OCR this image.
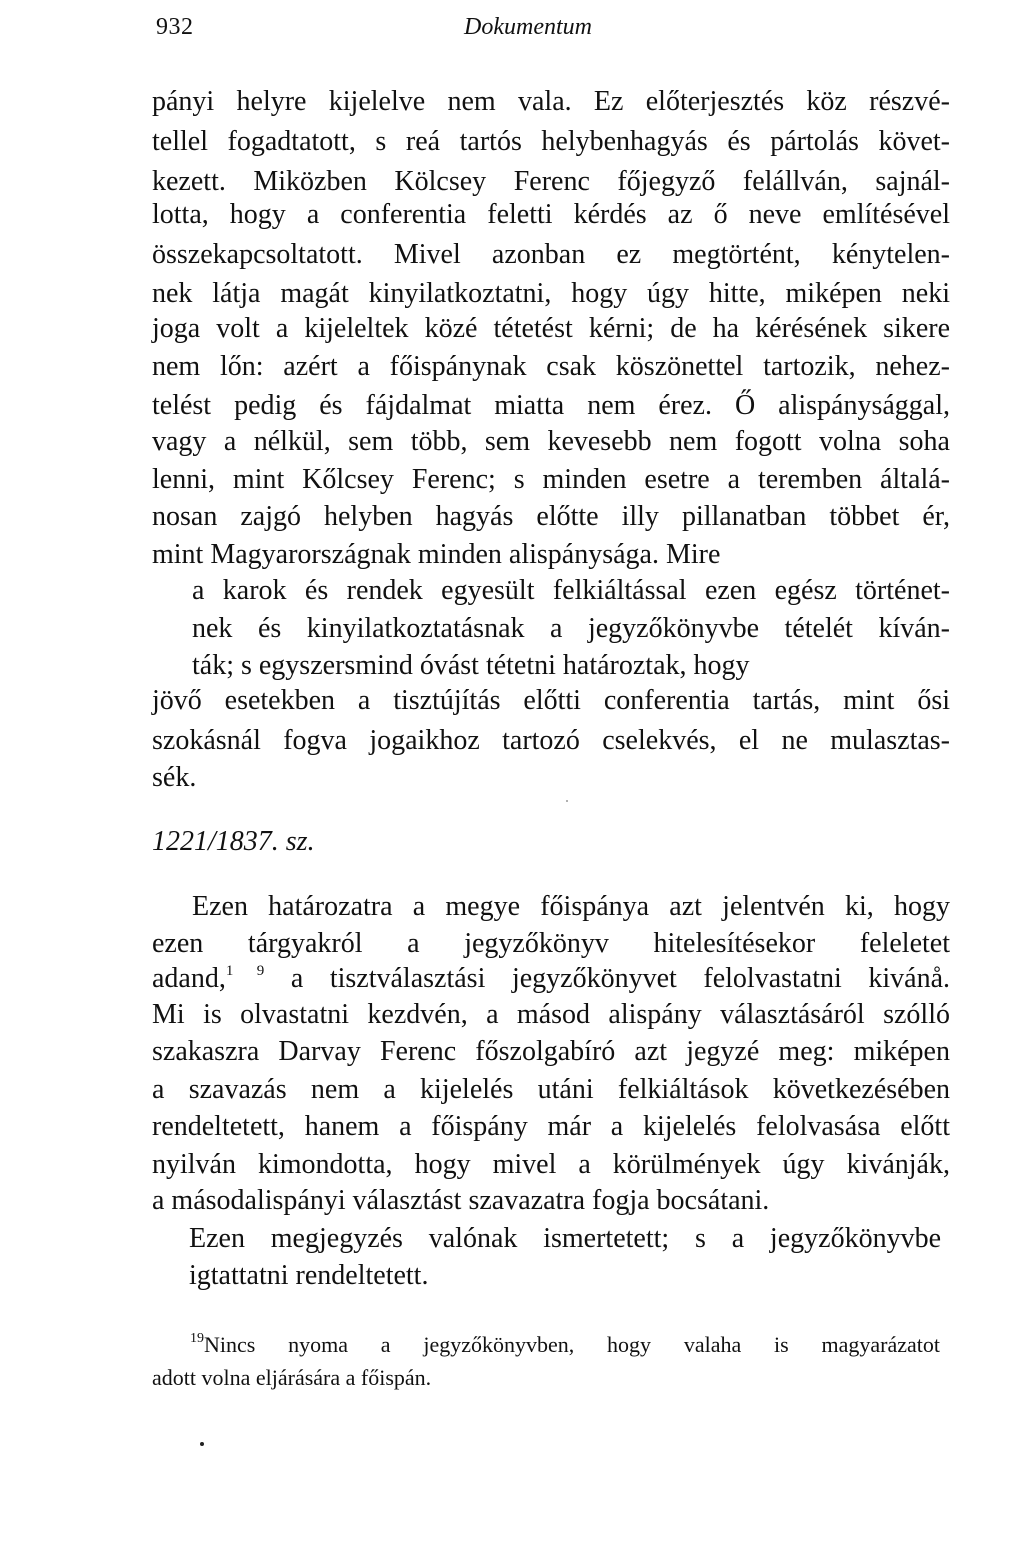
932	Dokumentum
pányi helyre kijelelve nem vala. Ez előterjesztés köz részvé-
tellel fogadtatott, s reá tartós helybenhagyás és pártolás követ-
kezett. Miközben Kölcsey Ferenc főjegyző felállván, sajnál-
lotta, hogy a conferentia feletti kérdés az ő neve említésével
összekapcsoltatott. Mivel azonban ez megtörtént, kénytelen-
nek látja magát kinyilatkoztatni, hogy úgy hitte, miképen neki
joga volt a kijeleltek közé tétetést kérni; de ha kérésének sikere
nem lőn: azért a főispánynak csak köszönettel tartozik, nehez-
telést pedig és fájdalmat miatta nem érez. Ő alispánysággal,
vagy a nélkül, sem több, sem kevesebb nem fogott volna soha
lenni, mint Kőlcsey Ferenc; s minden esetre a teremben általá-
nosan zajgó helyben hagyás előtte illy pillanatban többet ér,
mint Magyarországnak minden alispánysága. Mire
a karok és rendek egyesült felkiáltással ezen egész történet-
nek és kinyilatkoztatásnak a jegyzőkönyvbe tételét kíván-
ták; s egyszersmind óvást tétetni határoztak, hogy
jövő esetekben a tisztújítás előtti conferentia tartás, mint ősi
szokásnál fogva jogaikhoz tartozó cselekvés, el ne mulasztas-
sék.
1221/1837. sz.
Ezen határozatra a megye főispánya azt jelentvén ki, hogy
ezen tárgyakról a jegyzőkönyv hitelesítésekor feleletet
adand,$^{1 9}$ a tisztválasztási jegyzőkönyvet felolvastatni kivánå.
Mi is olvastatni kezdvén, a másod alispány választásáról szólló
szakaszra Darvay Ferenc főszolgabíró azt jegyzé meg: miképen
a szavazás nem a kijelelés utáni felkiáltások következésében
rendeltetett, hanem a főispány már a kijelelés felolvasása előtt
nyilván kimondotta, hogy mivel a körülmények úgy kivánják,
a másodalispányi választást szavazatra fogja bocsátani.
Ezen megjegyzés valónak ismertetett; s a jegyzőkönyvbe
igtattatni rendeltetett.
$^{19}$Nincs nyoma a jegyzőkönyvben, hogy valaha is magyarázatot
adott volna eljárására a főispán.
